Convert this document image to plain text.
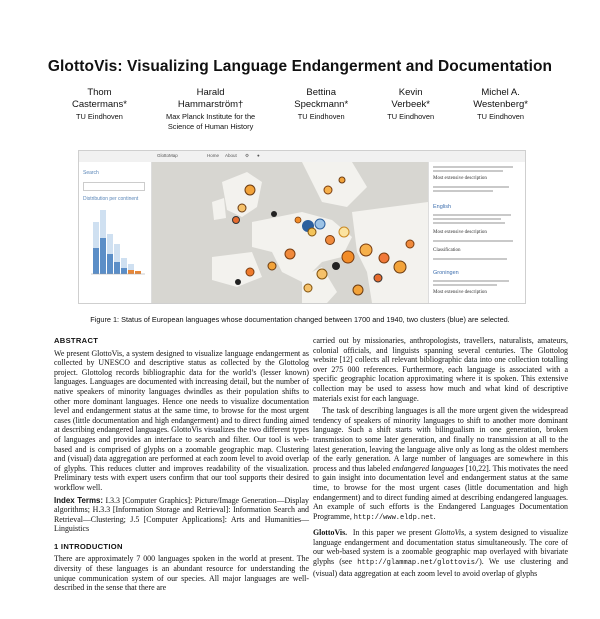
GlottoVis: Visualizing Language Endangerment and Documentation
Thom
Castermans*
TU Eindhoven
Harald
Hammarström†
Max Planck Institute for the
Science of Human History
Bettina
Speckmann*
TU Eindhoven
Kevin
Verbeek*
TU Eindhoven
Michel A.
Westenberg*
TU Eindhoven
GlottoMap	Home About ⚙ ●
Search
Distribution per continent
Most extensive description
English
Most extensive description
Classification
Groningen
Most extensive description
Figure 1: Status of European languages whose documentation changed between 1700 and 1940, two clusters (blue) are selected.
ABSTRACT

We present GlottoVis, a system designed to visualize language endangerment as collected by UNESCO and descriptive status as collected by the Glottolog project. Glottolog records bibliographic data for the world’s (lesser known) languages. Languages are documented with increasing detail, but the number of native speakers of minority languages dwindles as their population shifts to other more dominant languages. Hence one needs to visualize documentation level and endangerment status at the same time, to browse for the most urgent cases (little documentation and high endangerment) and to direct funding aimed at describing endangered languages. GlottoVis visualizes the two different types of languages and provides an interface to search and filter. Our tool is web-based and is comprised of glyphs on a zoomable geographic map. Clustering and (visual) data aggregation are performed at each zoom level to avoid overlap of glyphs. This reduces clutter and improves readability of the visualization. Preliminary tests with expert users confirm that our tool supports their desired workflow well.

Index Terms: I.3.3 [Computer Graphics]: Picture/Image Generation—Display algorithms; H.3.3 [Information Storage and Retrieval]: Information Search and Retrieval—Clustering; J.5 [Computer Applications]: Arts and Humanities—Linguistics

1 INTRODUCTION

There are approximately 7 000 languages spoken in the world at present. The diversity of these languages is an abundant resource for understanding the unique communication system of our species. All major languages are well-described in the sense that there are

carried out by missionaries, anthropologists, travellers, naturalists, amateurs, colonial officials, and linguists spanning several centuries. The Glottolog website [12] collects all relevant bibliographic data into one collection totalling over 275 000 references. Furthermore, each language is associated with a specific geographic location approximating where it is spoken. This extensive collection may be used to assess how much and what kind of descriptive materials exist for each language.

The task of describing languages is all the more urgent given the widespread tendency of speakers of minority languages to shift to another more dominant language. Such a shift starts with bilingualism in one generation, broken transmission to some later generation, and finally no transmission at all to the latest generation, leaving the language alive only as long as the oldest members of the early generation. A large number of languages are somewhere in this process and thus labeled endangered languages [10,22]. This motivates the need to gain insight into documentation level and endangerment status at the same time, to browse for the most urgent cases (little documentation and high endangerment) and to direct funding aimed at describing endangered languages. An example of such efforts is the Endangered Languages Documentation Programme, http://www.eldp.net.

GlottoVis. In this paper we present GlottoVis, a system designed to visualize language endangerment and documentation status simultaneously. The core of our web-based system is a zoomable geographic map overlayed with bivariate glyphs (see http://glammap.net/glottovis/). We use clustering and (visual) data aggregation at each zoom level to avoid overlap of glyphs
